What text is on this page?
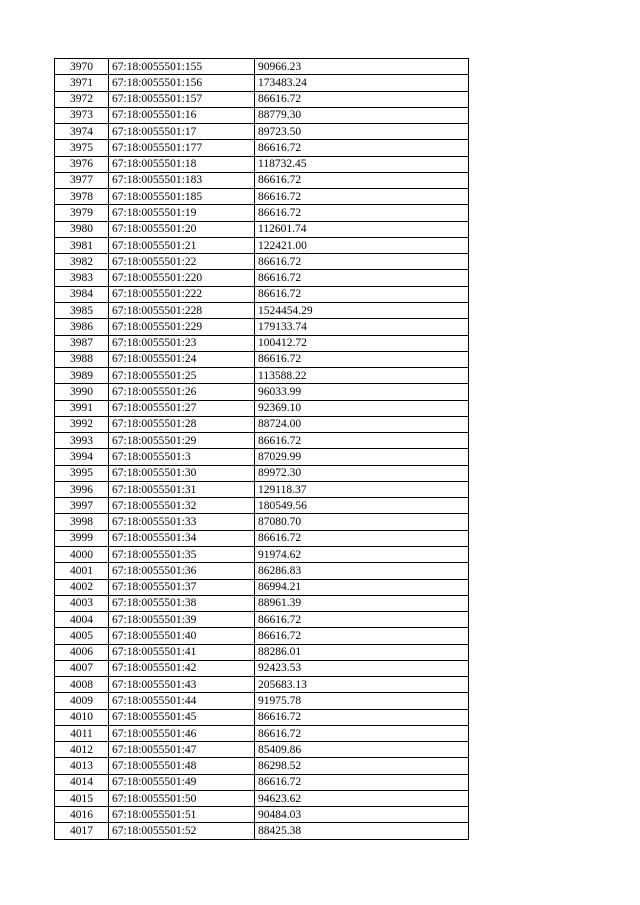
3970	67:18:0055501:155	90966.23
3971	67:18:0055501:156	173483.24
3972	67:18:0055501:157	86616.72
3973	67:18:0055501:16	88779.30
3974	67:18:0055501:17	89723.50
3975	67:18:0055501:177	86616.72
3976	67:18:0055501:18	118732.45
3977	67:18:0055501:183	86616.72
3978	67:18:0055501:185	86616.72
3979	67:18:0055501:19	86616.72
3980	67:18:0055501:20	112601.74
3981	67:18:0055501:21	122421.00
3982	67:18:0055501:22	86616.72
3983	67:18:0055501:220	86616.72
3984	67:18:0055501:222	86616.72
3985	67:18:0055501:228	1524454.29
3986	67:18:0055501:229	179133.74
3987	67:18:0055501:23	100412.72
3988	67:18:0055501:24	86616.72
3989	67:18:0055501:25	113588.22
3990	67:18:0055501:26	96033.99
3991	67:18:0055501:27	92369.10
3992	67:18:0055501:28	88724.00
3993	67:18:0055501:29	86616.72
3994	67:18:0055501:3	87029.99
3995	67:18:0055501:30	89972.30
3996	67:18:0055501:31	129118.37
3997	67:18:0055501:32	180549.56
3998	67:18:0055501:33	87080.70
3999	67:18:0055501:34	86616.72
4000	67:18:0055501:35	91974.62
4001	67:18:0055501:36	86286.83
4002	67:18:0055501:37	86994.21
4003	67:18:0055501:38	88961.39
4004	67:18:0055501:39	86616.72
4005	67:18:0055501:40	86616.72
4006	67:18:0055501:41	88286.01
4007	67:18:0055501:42	92423.53
4008	67:18:0055501:43	205683.13
4009	67:18:0055501:44	91975.78
4010	67:18:0055501:45	86616.72
4011	67:18:0055501:46	86616.72
4012	67:18:0055501:47	85409.86
4013	67:18:0055501:48	86298.52
4014	67:18:0055501:49	86616.72
4015	67:18:0055501:50	94623.62
4016	67:18:0055501:51	90484.03
4017	67:18:0055501:52	88425.38
